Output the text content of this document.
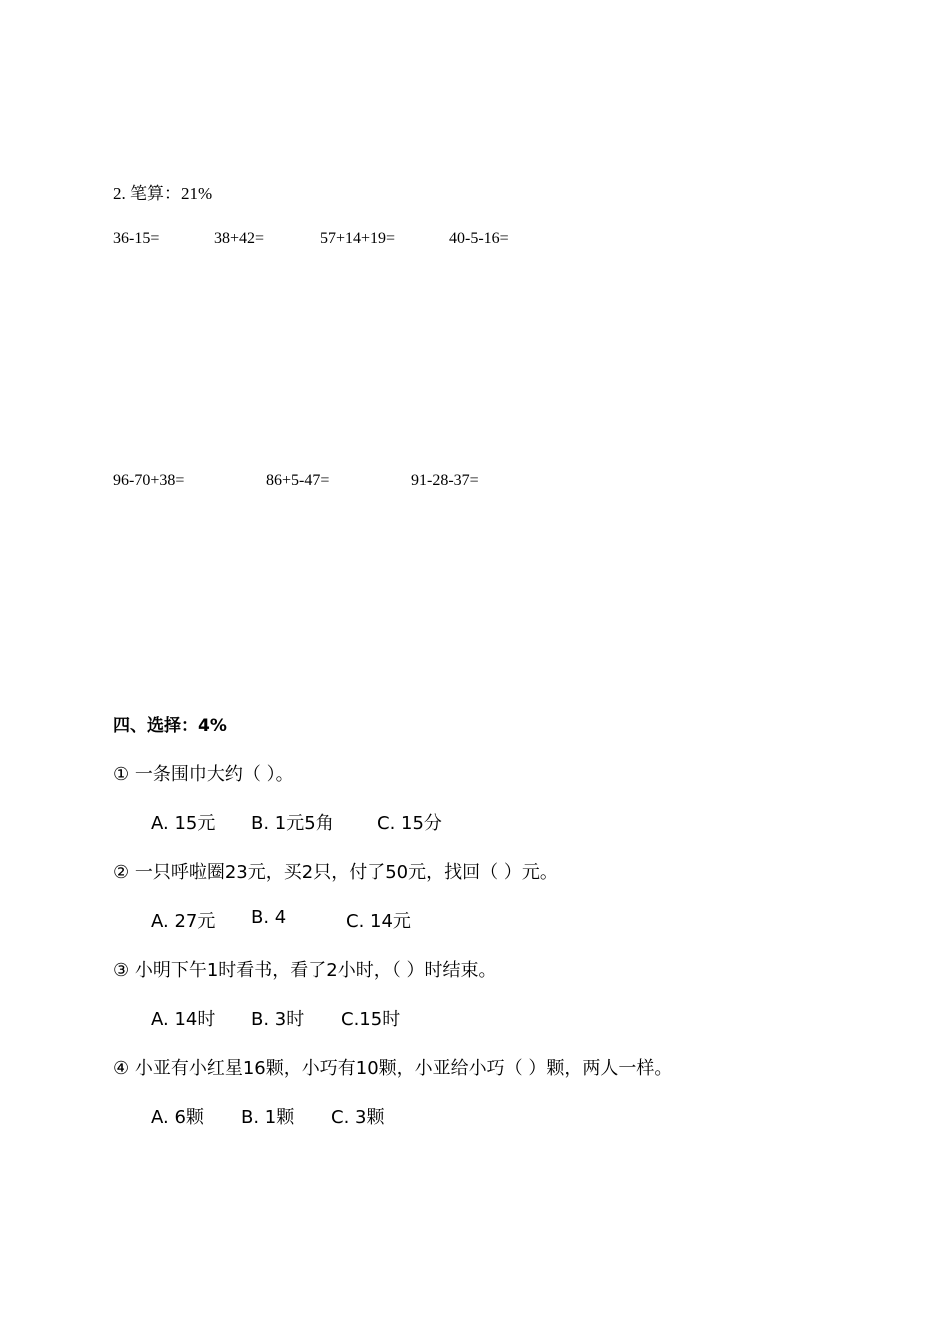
2. 笔算：21%
36-15=	38+42=	57+14+19=	40-5-16=
96-70+38=	86+5-47=	91-28-37=
四、选择：4%
① 一条围巾大约（ ）。
A. 15元 B. 1元5角 C. 15分
② 一只呼啦圈23元，买2只，付了50元，找回（ ）元。
A. 27元 B. 4	C. 14元
③ 小明下午1时看书，看了2小时，（ ）时结束。
A. 14时 B. 3时 C.15时
④ 小亚有小红星16颗，小巧有10颗，小亚给小巧（ ）颗，两人一样。
A. 6颗 B. 1颗 C. 3颗
